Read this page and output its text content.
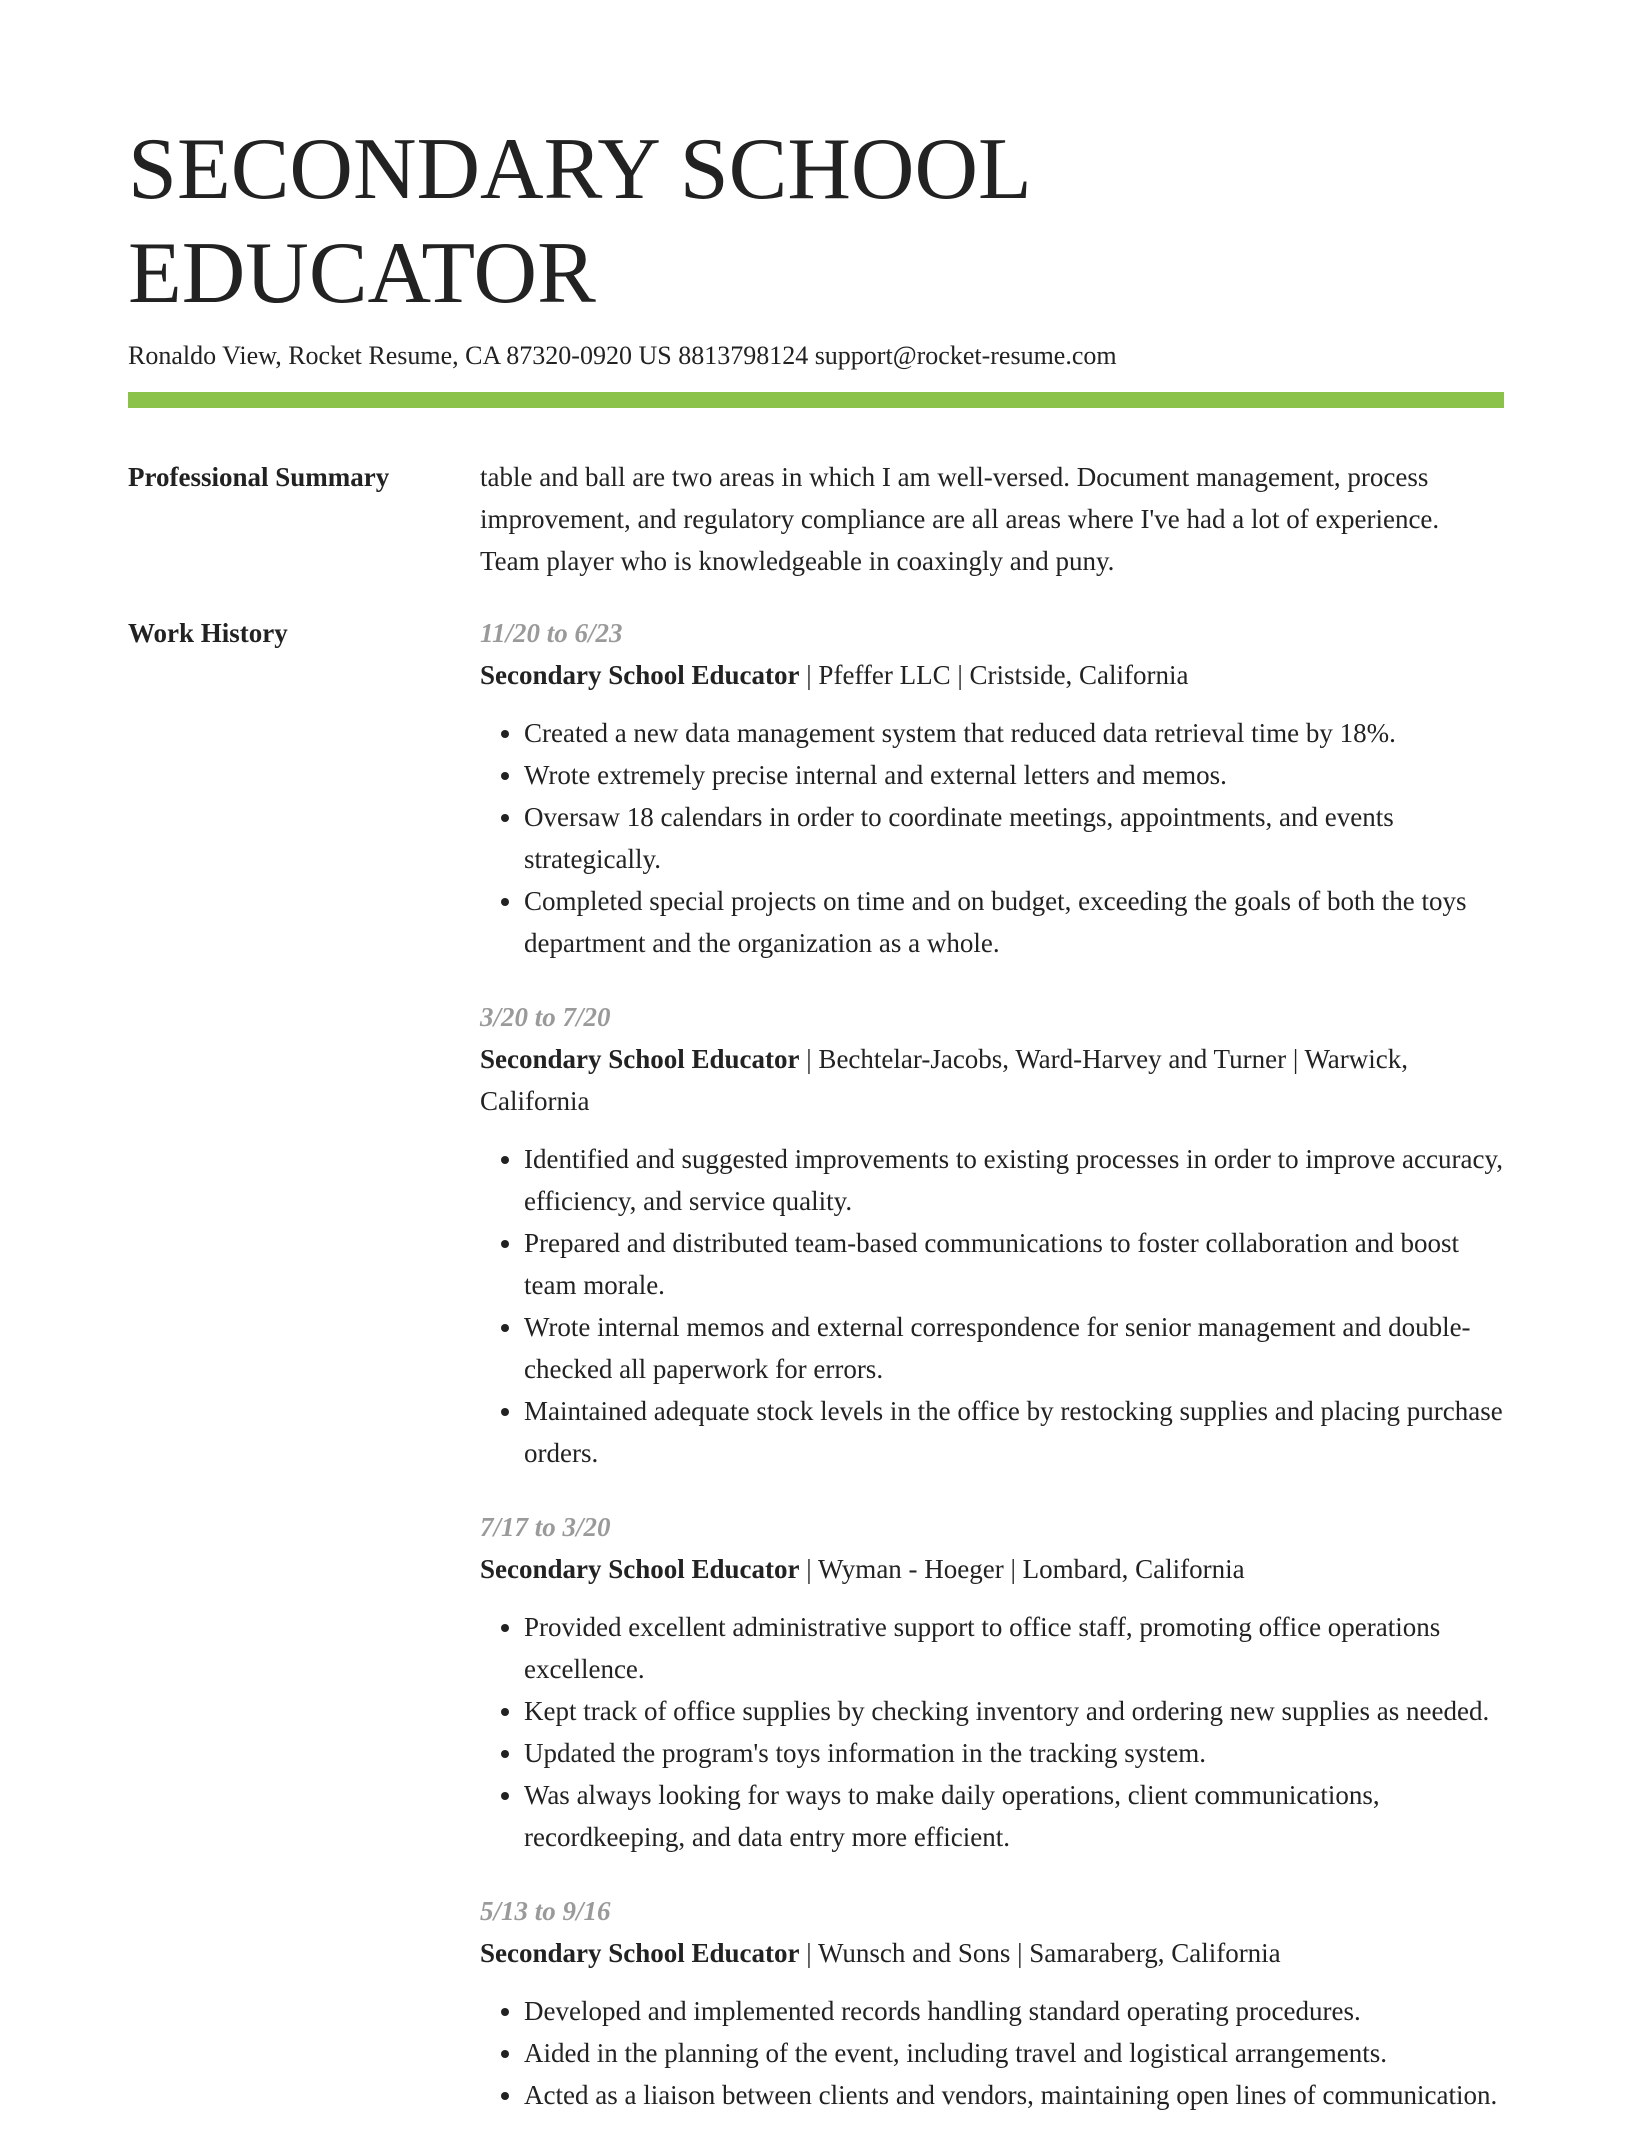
SECONDARY SCHOOL EDUCATOR
Ronaldo View, Rocket Resume, CA 87320-0920 US 8813798124 support@rocket-resume.com
Professional Summary	table and ball are two areas in which I am well-versed. Document management, process improvement, and regulatory compliance are all areas where I've had a lot of experience. Team player who is knowledgeable in coaxingly and puny.

Work History	11/20 to 6/23
Secondary School Educator | Pfeffer LLC | Cristside, California
• Created a new data management system that reduced data retrieval time by 18%.
• Wrote extremely precise internal and external letters and memos.
• Oversaw 18 calendars in order to coordinate meetings, appointments, and events strategically.
• Completed special projects on time and on budget, exceeding the goals of both the toys department and the organization as a whole.
3/20 to 7/20
Secondary School Educator | Bechtelar-Jacobs, Ward-Harvey and Turner | Warwick, California
• Identified and suggested improvements to existing processes in order to improve accuracy, efficiency, and service quality.
• Prepared and distributed team-based communications to foster collaboration and boost team morale.
• Wrote internal memos and external correspondence for senior management and double-checked all paperwork for errors.
• Maintained adequate stock levels in the office by restocking supplies and placing purchase orders.
7/17 to 3/20
Secondary School Educator | Wyman - Hoeger | Lombard, California
• Provided excellent administrative support to office staff, promoting office operations excellence.
• Kept track of office supplies by checking inventory and ordering new supplies as needed.
• Updated the program's toys information in the tracking system.
• Was always looking for ways to make daily operations, client communications, recordkeeping, and data entry more efficient.
5/13 to 9/16
Secondary School Educator | Wunsch and Sons | Samaraberg, California
• Developed and implemented records handling standard operating procedures.
• Aided in the planning of the event, including travel and logistical arrangements.
• Acted as a liaison between clients and vendors, maintaining open lines of communication.
